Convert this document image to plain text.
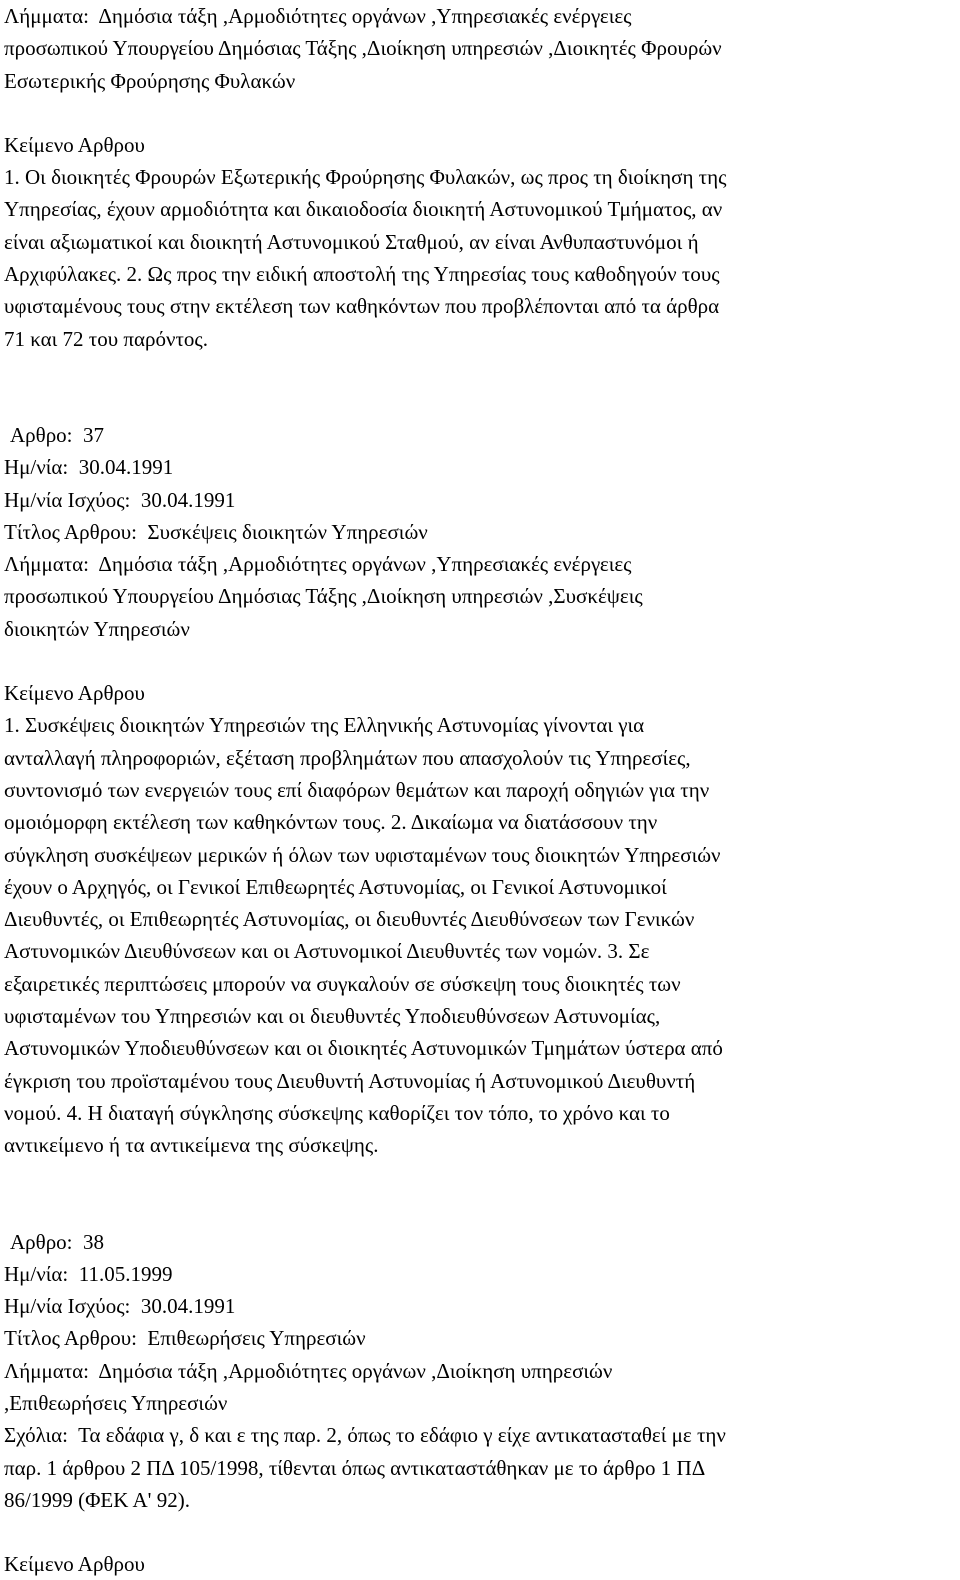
Λήμματα:  Δημόσια τάξη ,Αρμοδιότητες οργάνων ,Υπηρεσιακές ενέργειες
προσωπικού Υπουργείου Δημόσιας Τάξης ,Διοίκηση υπηρεσιών ,Διοικητές Φρουρών
Εσωτερικής Φρούρησης Φυλακών
Κείμενο Αρθρου
1. Οι διοικητές Φρουρών Εξωτερικής Φρούρησης Φυλακών, ως προς τη διοίκηση της
Υπηρεσίας, έχουν αρμοδιότητα και δικαιοδοσία διοικητή Αστυνομικού Τμήματος, αν
είναι αξιωματικοί και διοικητή Αστυνομικού Σταθμού, αν είναι Ανθυπαστυνόμοι ή
Αρχιφύλακες. 2. Ως προς την ειδική αποστολή της Υπηρεσίας τους καθοδηγούν τους
υφισταμένους τους στην εκτέλεση των καθηκόντων που προβλέπονται από τα άρθρα
71 και 72 του παρόντος.
Αρθρο:  37
Ημ/νία:  30.04.1991
Ημ/νία Ισχύος:  30.04.1991
Τίτλος Αρθρου:  Συσκέψεις διοικητών Υπηρεσιών
Λήμματα:  Δημόσια τάξη ,Αρμοδιότητες οργάνων ,Υπηρεσιακές ενέργειες
προσωπικού Υπουργείου Δημόσιας Τάξης ,Διοίκηση υπηρεσιών ,Συσκέψεις
διοικητών Υπηρεσιών
Κείμενο Αρθρου
1. Συσκέψεις διοικητών Υπηρεσιών της Ελληνικής Αστυνομίας γίνονται για
ανταλλαγή πληροφοριών, εξέταση προβλημάτων που απασχολούν τις Υπηρεσίες,
συντονισμό των ενεργειών τους επί διαφόρων θεμάτων και παροχή οδηγιών για την
ομοιόμορφη εκτέλεση των καθηκόντων τους. 2. Δικαίωμα να διατάσσουν την
σύγκληση συσκέψεων μερικών ή όλων των υφισταμένων τους διοικητών Υπηρεσιών
έχουν ο Αρχηγός, οι Γενικοί Επιθεωρητές Αστυνομίας, οι Γενικοί Αστυνομικοί
Διευθυντές, οι Επιθεωρητές Αστυνομίας, οι διευθυντές Διευθύνσεων των Γενικών
Αστυνομικών Διευθύνσεων και οι Αστυνομικοί Διευθυντές των νομών. 3. Σε
εξαιρετικές περιπτώσεις μπορούν να συγκαλούν σε σύσκεψη τους διοικητές των
υφισταμένων του Υπηρεσιών και οι διευθυντές Υποδιευθύνσεων Αστυνομίας,
Αστυνομικών Υποδιευθύνσεων και οι διοικητές Αστυνομικών Τμημάτων ύστερα από
έγκριση του προϊσταμένου τους Διευθυντή Αστυνομίας ή Αστυνομικού Διευθυντή
νομού. 4. Η διαταγή σύγκλησης σύσκεψης καθορίζει τον τόπο, το χρόνο και το
αντικείμενο ή τα αντικείμενα της σύσκεψης.
Αρθρο:  38
Ημ/νία:  11.05.1999
Ημ/νία Ισχύος:  30.04.1991
Τίτλος Αρθρου:  Επιθεωρήσεις Υπηρεσιών
Λήμματα:  Δημόσια τάξη ,Αρμοδιότητες οργάνων ,Διοίκηση υπηρεσιών
,Επιθεωρήσεις Υπηρεσιών
Σχόλια:  Τα εδάφια γ, δ και ε της παρ. 2, όπως το εδάφιο γ είχε αντικατασταθεί με την
παρ. 1 άρθρου 2 ΠΔ 105/1998, τίθενται όπως αντικαταστάθηκαν με το άρθρο 1 ΠΔ
86/1999 (ΦΕΚ Α' 92).
Κείμενο Αρθρου
